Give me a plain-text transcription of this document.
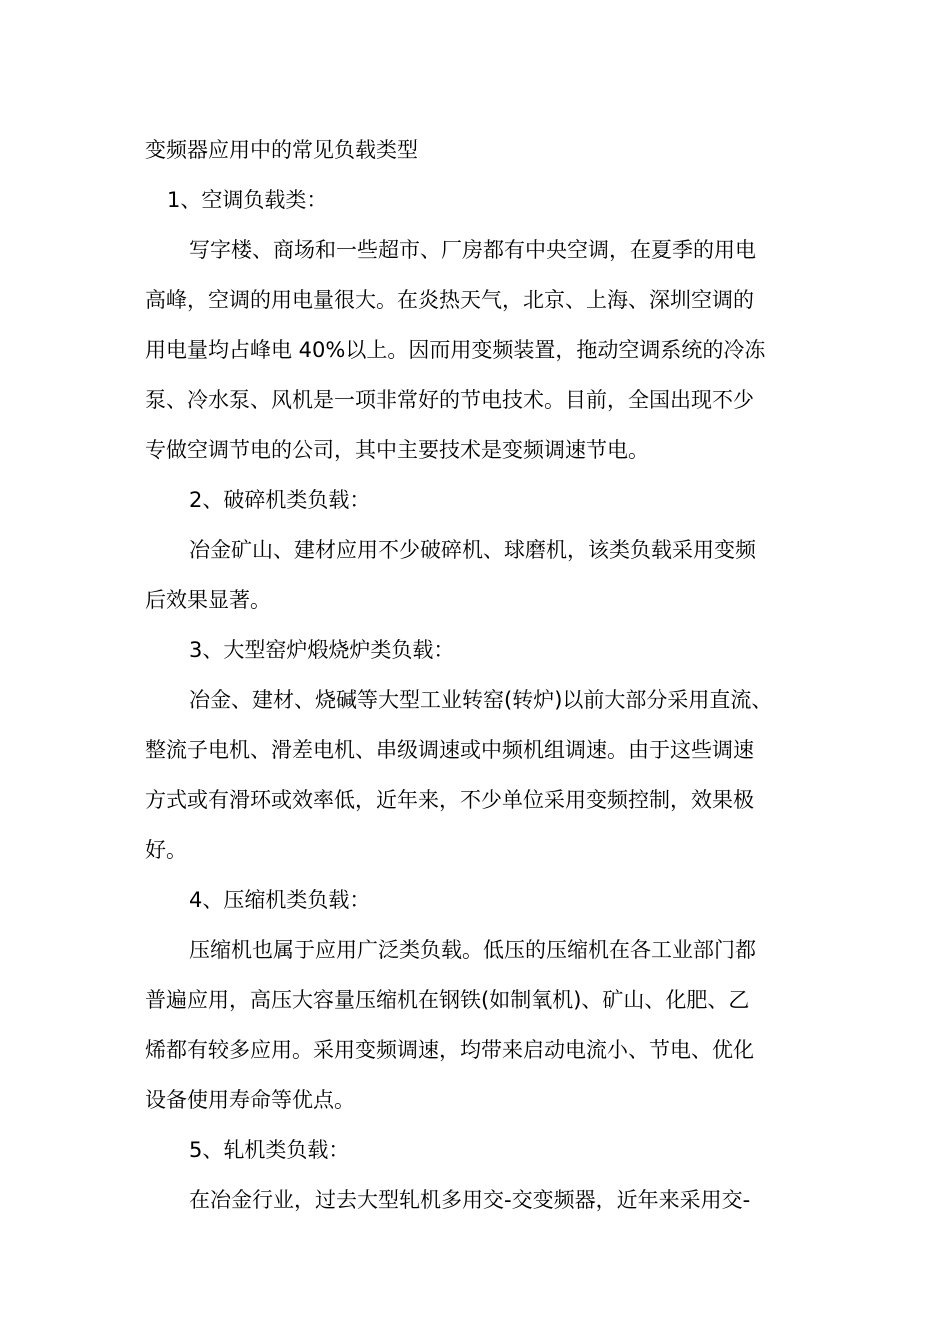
变频器应用中的常见负载类型
1、空调负载类：
写字楼、商场和一些超市、厂房都有中央空调，在夏季的用电
高峰，空调的用电量很大。在炎热天气，北京、上海、深圳空调的
用电量均占峰电 40%以上。因而用变频装置，拖动空调系统的冷冻
泵、冷水泵、风机是一项非常好的节电技术。目前，全国出现不少
专做空调节电的公司，其中主要技术是变频调速节电。
2、破碎机类负载：
冶金矿山、建材应用不少破碎机、球磨机，该类负载采用变频
后效果显著。
3、大型窑炉煅烧炉类负载：
冶金、建材、烧碱等大型工业转窑(转炉)以前大部分采用直流、
整流子电机、滑差电机、串级调速或中频机组调速。由于这些调速
方式或有滑环或效率低，近年来，不少单位采用变频控制，效果极
好。
4、压缩机类负载：
压缩机也属于应用广泛类负载。低压的压缩机在各工业部门都
普遍应用，高压大容量压缩机在钢铁(如制氧机)、矿山、化肥、乙
烯都有较多应用。采用变频调速，均带来启动电流小、节电、优化
设备使用寿命等优点。
5、轧机类负载：
在冶金行业，过去大型轧机多用交-交变频器，近年来采用交-
